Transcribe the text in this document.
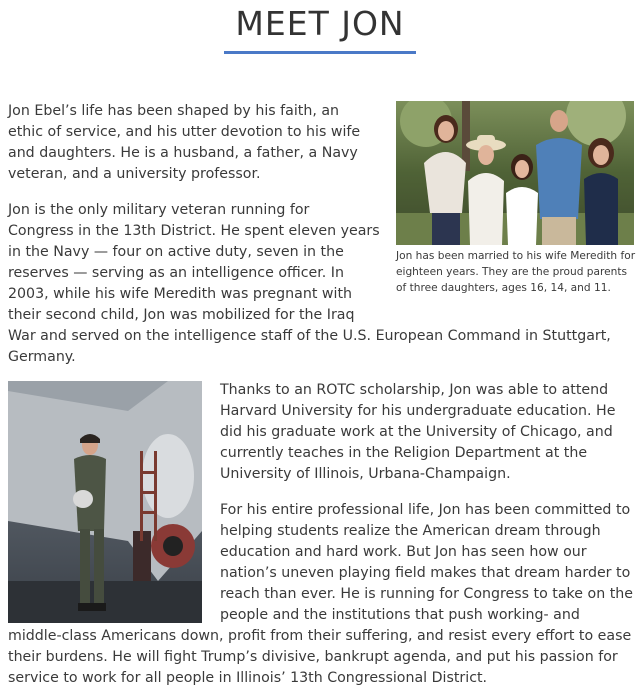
MEET JON

Jon Ebel’s life has been shaped by his faith, an ethic of service, and his utter devotion to his wife and daughters. He is a husband, a father, a Navy veteran, and a university professor.

Jon is the only military veteran running for
Congress in the 13th District. He spent eleven years
in the Navy — four on active duty, seven in the
reserves — serving as an intelligence officer. In
2003, while his wife Meredith was pregnant with
their second child, Jon was mobilized for the Iraq
War and served on the intelligence staff of the U.S. European Command in Stuttgart,
Germany.

Jon has been married to his wife Meredith for eighteen years. They are the proud parents of three daughters, ages 16, 14, and 11.

Thanks to an ROTC scholarship, Jon was able to attend Harvard University for his undergraduate education. He did his graduate work at the University of Chicago, and currently teaches in the Religion Department at the University of Illinois, Urbana-Champaign.

For his entire professional life, Jon has been committed to
helping students realize the American dream through
education and hard work. But Jon has seen how our
nation’s uneven playing field makes that dream harder to
reach than ever. He is running for Congress to take on the
people and the institutions that push working- and
middle-class Americans down, profit from their suffering, and resist every effort to ease
their burdens. He will fight Trump’s divisive, bankrupt agenda, and put his passion for
service to work for all people in Illinois’ 13th Congressional District.
